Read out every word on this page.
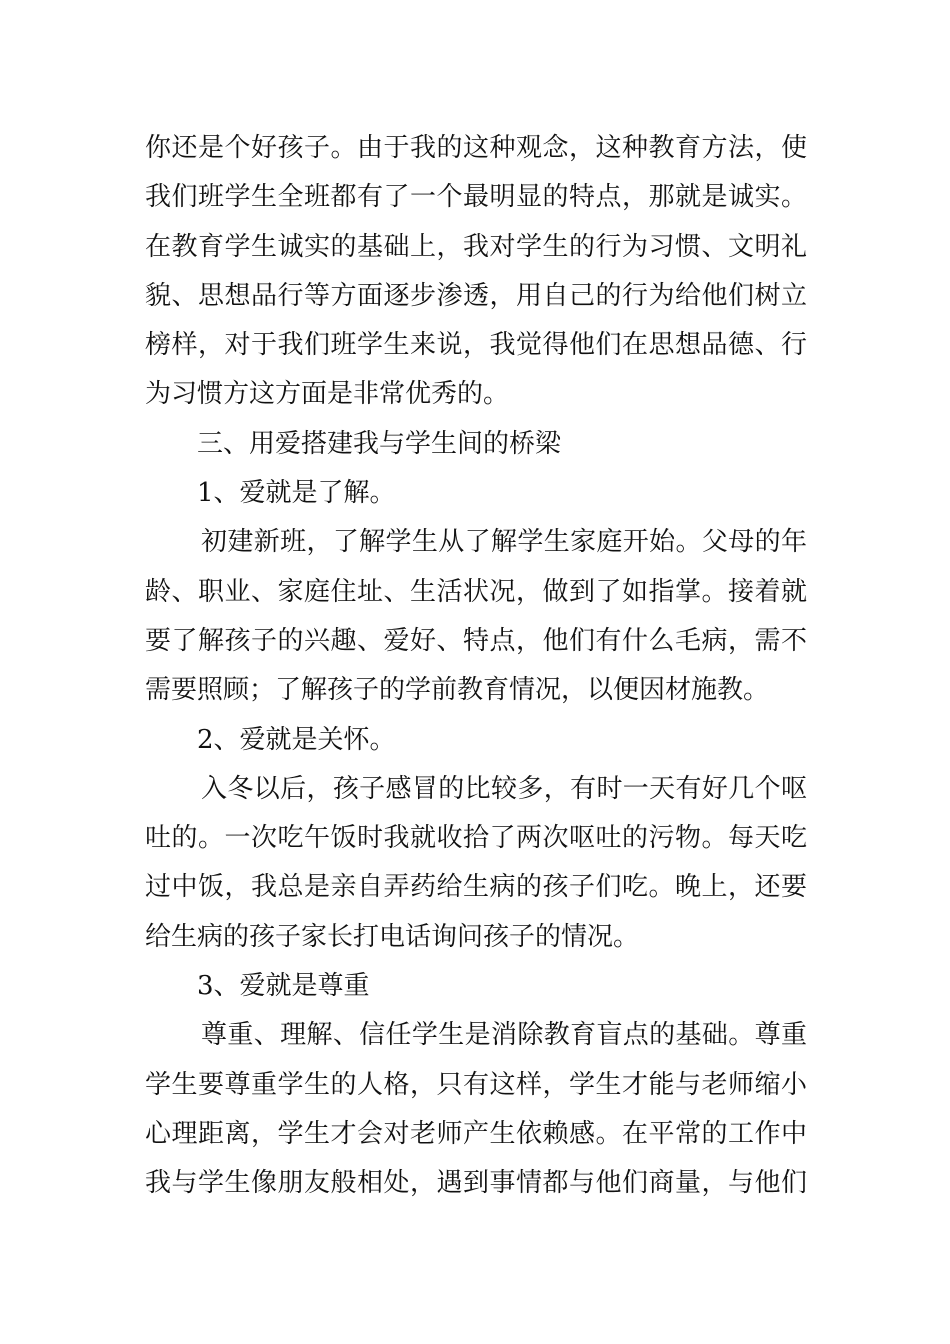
你还是个好孩子。由于我的这种观念，这种教育方法，使
我们班学生全班都有了一个最明显的特点，那就是诚实。
在教育学生诚实的基础上，我对学生的行为习惯、文明礼
貌、思想品行等方面逐步渗透，用自己的行为给他们树立
榜样，对于我们班学生来说，我觉得他们在思想品德、行
为习惯方这方面是非常优秀的。
三、用爱搭建我与学生间的桥梁
1、爱就是了解。
初建新班，了解学生从了解学生家庭开始。父母的年
龄、职业、家庭住址、生活状况，做到了如指掌。接着就
要了解孩子的兴趣、爱好、特点，他们有什么毛病，需不
需要照顾；了解孩子的学前教育情况，以便因材施教。
2、爱就是关怀。
入冬以后，孩子感冒的比较多，有时一天有好几个呕
吐的。一次吃午饭时我就收拾了两次呕吐的污物。每天吃
过中饭，我总是亲自弄药给生病的孩子们吃。晚上，还要
给生病的孩子家长打电话询问孩子的情况。
3、爱就是尊重
尊重、理解、信任学生是消除教育盲点的基础。尊重
学生要尊重学生的人格，只有这样，学生才能与老师缩小
心理距离，学生才会对老师产生依赖感。在平常的工作中
我与学生像朋友般相处，遇到事情都与他们商量，与他们
